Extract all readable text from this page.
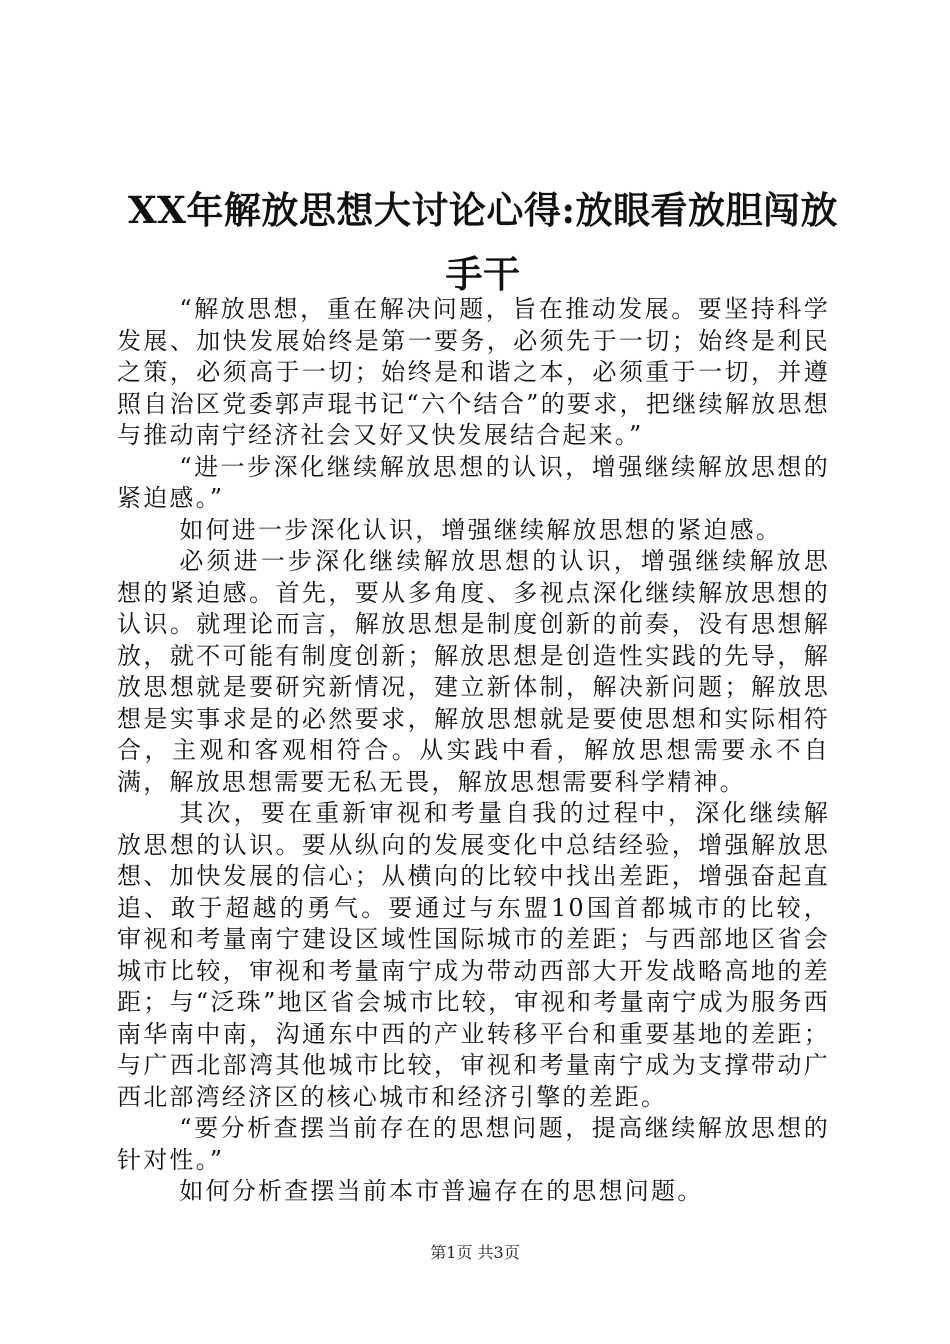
XX年解放思想大讨论心得:放眼看放胆闯放手干

“解放思想，重在解决问题，旨在推动发展。要坚持科学发展、加快发展始终是第一要务，必须先于一切；始终是利民之策，必须高于一切；始终是和谐之本，必须重于一切，并遵照自治区党委郭声琨书记“六个结合”的要求，把继续解放思想与推动南宁经济社会又好又快发展结合起来。”

“进一步深化继续解放思想的认识，增强继续解放思想的紧迫感。”

如何进一步深化认识，增强继续解放思想的紧迫感。

必须进一步深化继续解放思想的认识，增强继续解放思想的紧迫感。首先，要从多角度、多视点深化继续解放思想的认识。就理论而言，解放思想是制度创新的前奏，没有思想解放，就不可能有制度创新；解放思想是创造性实践的先导，解放思想就是要研究新情况，建立新体制，解决新问题；解放思想是实事求是的必然要求，解放思想就是要使思想和实际相符合，主观和客观相符合。从实践中看，解放思想需要永不自满，解放思想需要无私无畏，解放思想需要科学精神。

其次，要在重新审视和考量自我的过程中，深化继续解放思想的认识。要从纵向的发展变化中总结经验，增强解放思想、加快发展的信心；从横向的比较中找出差距，增强奋起直追、敢于超越的勇气。要通过与东盟10国首都城市的比较，审视和考量南宁建设区域性国际城市的差距；与西部地区省会城市比较，审视和考量南宁成为带动西部大开发战略高地的差距；与“泛珠”地区省会城市比较，审视和考量南宁成为服务西南华南中南，沟通东中西的产业转移平台和重要基地的差距；与广西北部湾其他城市比较，审视和考量南宁成为支撑带动广西北部湾经济区的核心城市和经济引擎的差距。

“要分析查摆当前存在的思想问题，提高继续解放思想的针对性。”

如何分析查摆当前本市普遍存在的思想问题。

第1页 共3页
